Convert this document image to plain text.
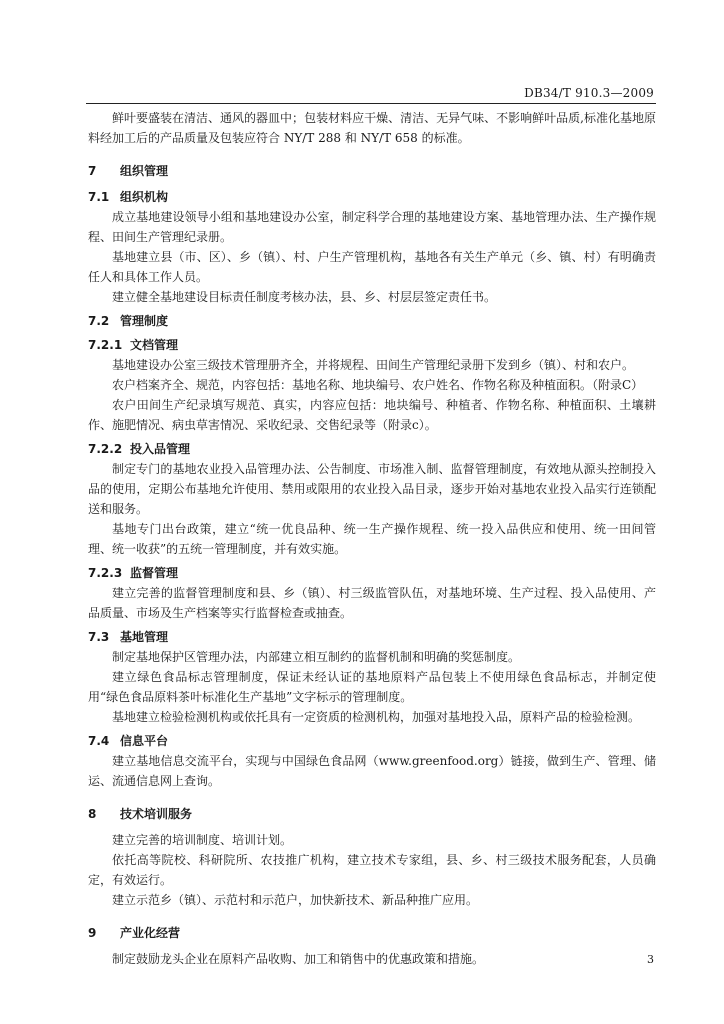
DB34/T 910.3—2009

鲜叶要盛装在清洁、通风的器皿中；包装材料应干燥、清洁、无异气味、不影响鲜叶品质,标准化基地原料经加工后的产品质量及包装应符合 NY/T 288 和 NY/T 658 的标准。

7 组织管理
7.1 组织机构

成立基地建设领导小组和基地建设办公室，制定科学合理的基地建设方案、基地管理办法、生产操作规程、田间生产管理纪录册。

基地建立县（市、区）、乡（镇）、村、户生产管理机构，基地各有关生产单元（乡、镇、村）有明确责任人和具体工作人员。

建立健全基地建设目标责任制度考核办法，县、乡、村层层签定责任书。

7.2 管理制度
7.2.1 文档管理

基地建设办公室三级技术管理册齐全，并将规程、田间生产管理纪录册下发到乡（镇）、村和农户。

农户档案齐全、规范，内容包括：基地名称、地块编号、农户姓名、作物名称及种植面积。（附录C）

农户田间生产纪录填写规范、真实，内容应包括：地块编号、种植者、作物名称、种植面积、土壤耕作、施肥情况、病虫草害情况、采收纪录、交售纪录等（附录c）。

7.2.2 投入品管理

制定专门的基地农业投入品管理办法、公告制度、市场准入制、监督管理制度，有效地从源头控制投入品的使用，定期公布基地允许使用、禁用或限用的农业投入品目录，逐步开始对基地农业投入品实行连锁配送和服务。

基地专门出台政策，建立“统一优良品种、统一生产操作规程、统一投入品供应和使用、统一田间管理、统一收获”的五统一管理制度，并有效实施。

7.2.3 监督管理

建立完善的监督管理制度和县、乡（镇）、村三级监管队伍，对基地环境、生产过程、投入品使用、产品质量、市场及生产档案等实行监督检查或抽查。

7.3 基地管理

制定基地保护区管理办法，内部建立相互制约的监督机制和明确的奖惩制度。

建立绿色食品标志管理制度，保证未经认证的基地原料产品包装上不使用绿色食品标志，并制定使用“绿色食品原料茶叶标准化生产基地”文字标示的管理制度。

基地建立检验检测机构或依托具有一定资质的检测机构，加强对基地投入品，原料产品的检验检测。

7.4 信息平台

建立基地信息交流平台，实现与中国绿色食品网（www.greenfood.org）链接，做到生产、管理、储运、流通信息网上查询。

8 技术培训服务

建立完善的培训制度、培训计划。

依托高等院校、科研院所、农技推广机构，建立技术专家组，县、乡、村三级技术服务配套，人员确定，有效运行。

建立示范乡（镇）、示范村和示范户，加快新技术、新品种推广应用。

9 产业化经营

制定鼓励龙头企业在原料产品收购、加工和销售中的优惠政策和措施。	3
